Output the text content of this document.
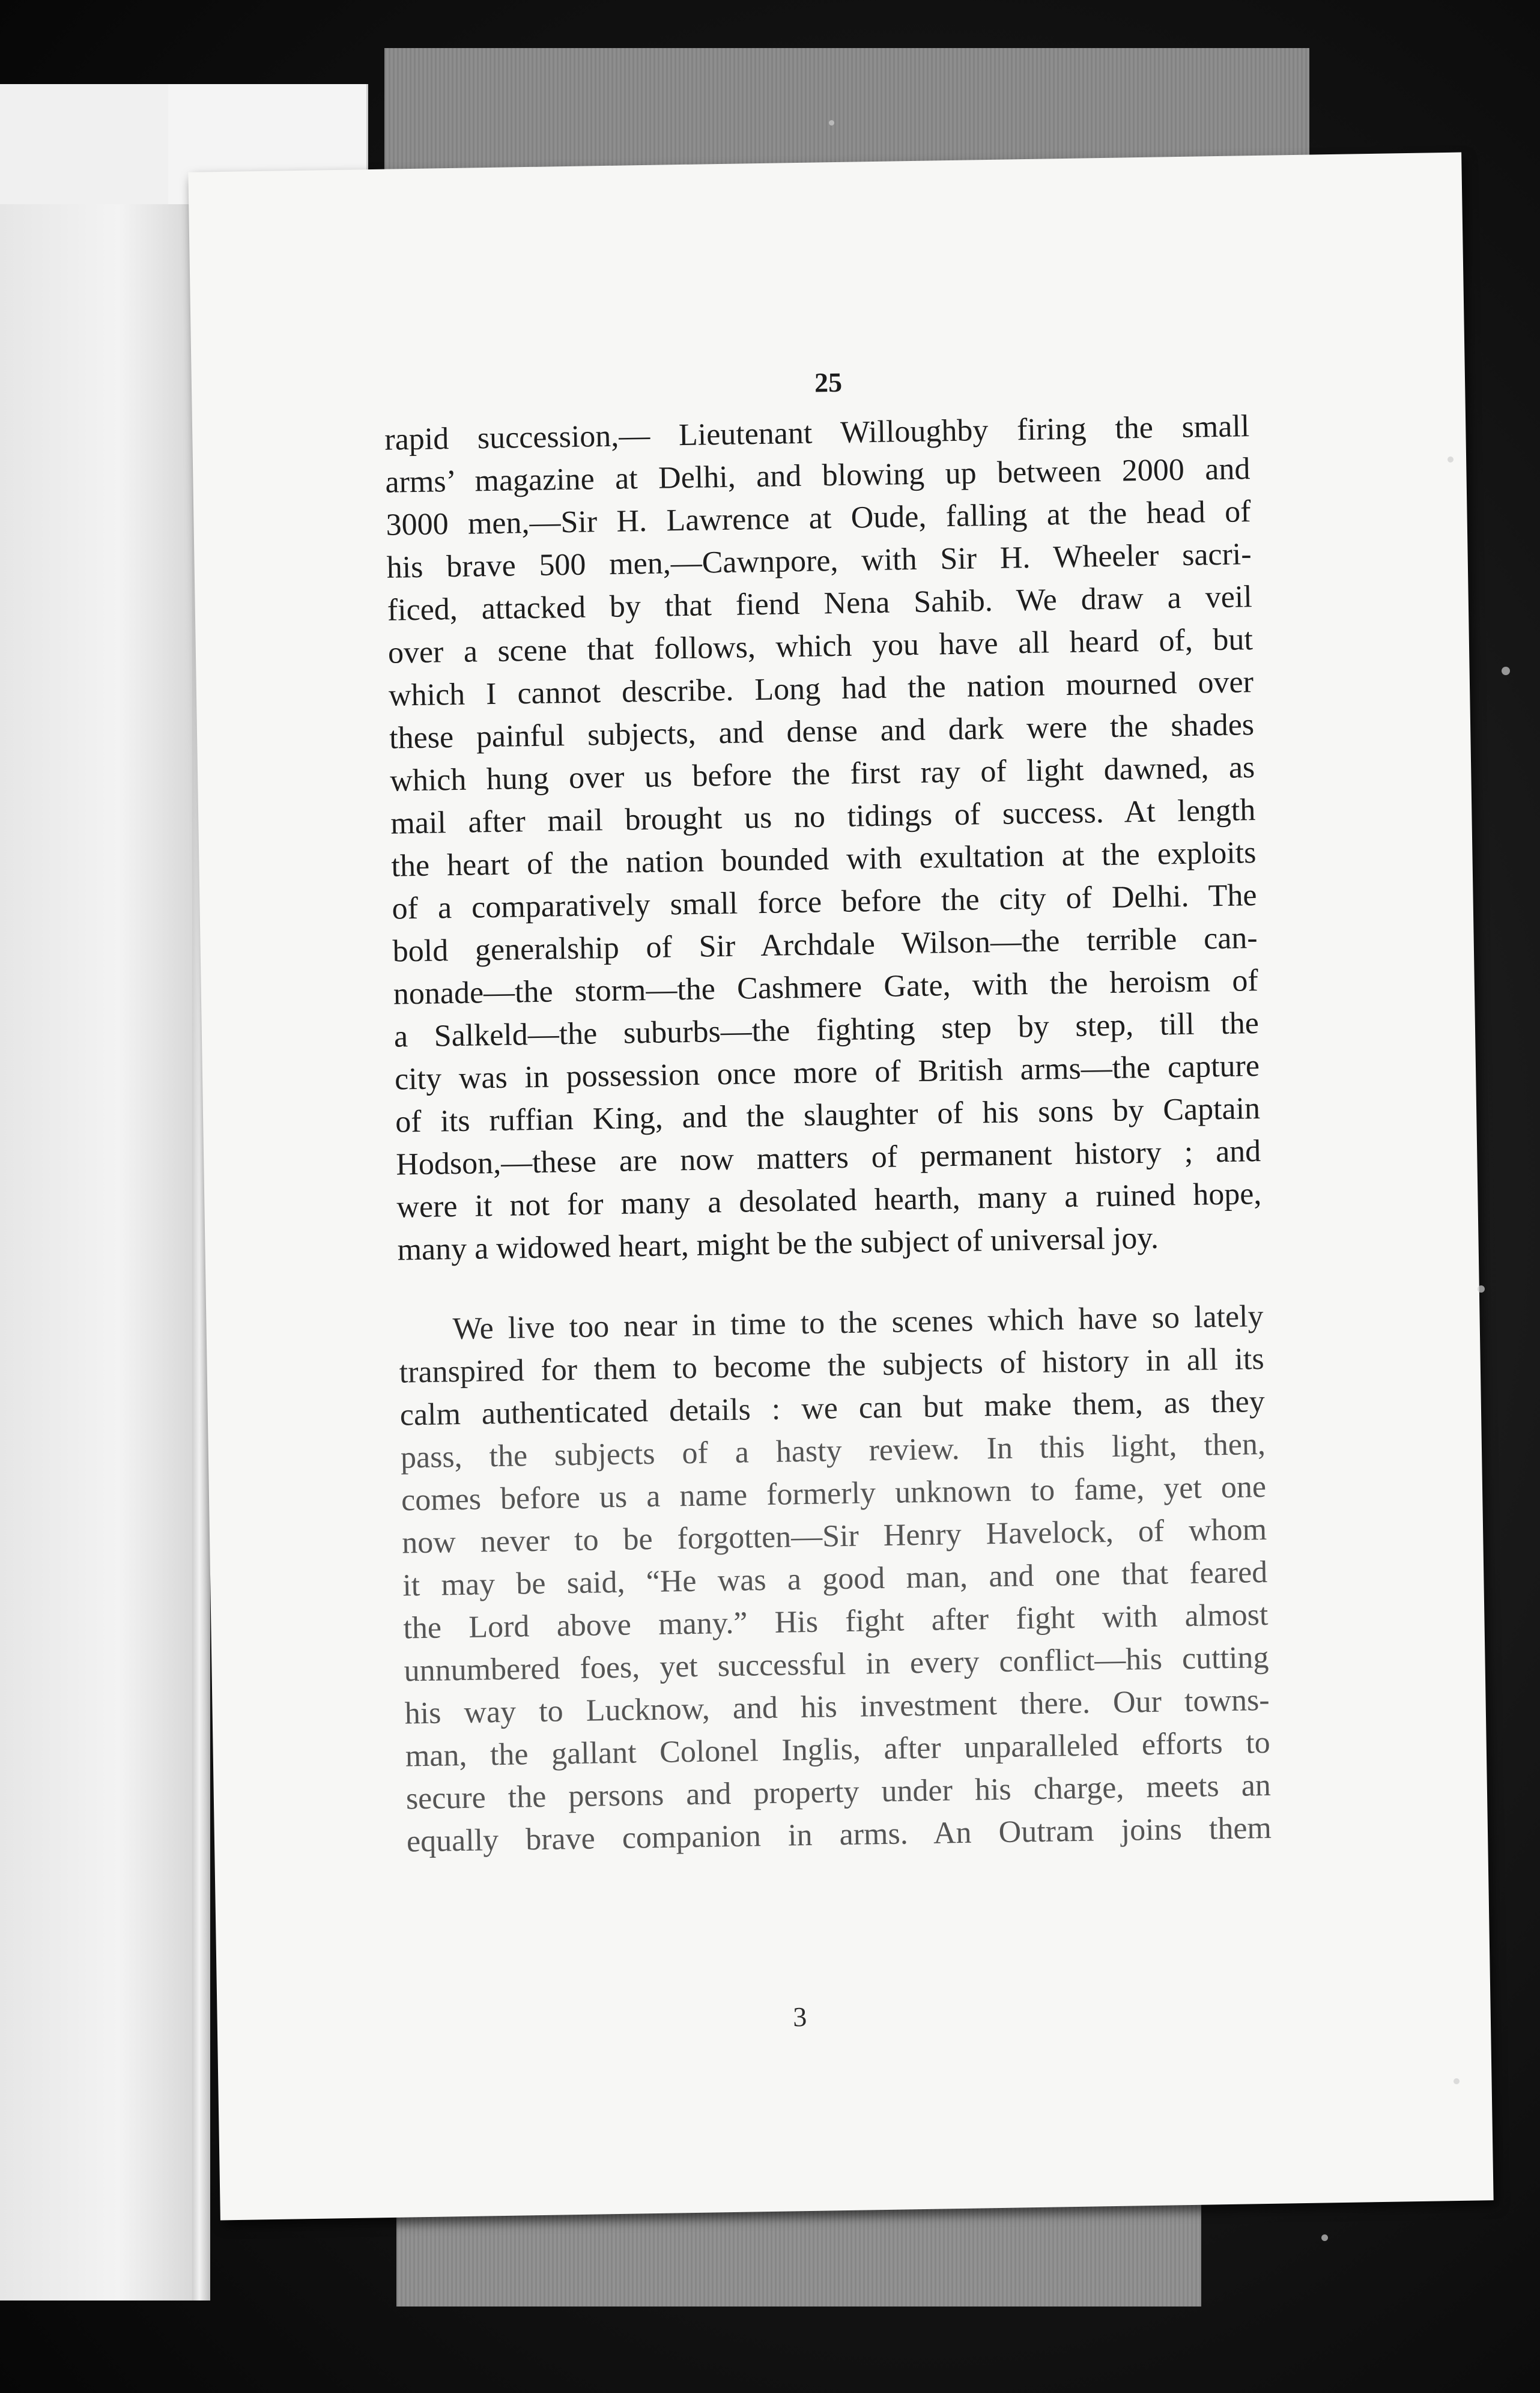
25
rapid succession,— Lieutenant Willoughby firing the small
arms’ magazine at Delhi, and blowing up between 2000 and
3000 men,—Sir H. Lawrence at Oude, falling at the head of
his brave 500 men,—Cawnpore, with Sir H. Wheeler sacri-
ficed, attacked by that fiend Nena Sahib. We draw a veil
over a scene that follows, which you have all heard of, but
which I cannot describe. Long had the nation mourned over
these painful subjects, and dense and dark were the shades
which hung over us before the first ray of light dawned, as
mail after mail brought us no tidings of success. At length
the heart of the nation bounded with exultation at the exploits
of a comparatively small force before the city of Delhi. The
bold generalship of Sir Archdale Wilson—the terrible can-
nonade—the storm—the Cashmere Gate, with the heroism of
a Salkeld—the suburbs—the fighting step by step, till the
city was in possession once more of British arms—the capture
of its ruffian King, and the slaughter of his sons by Captain
Hodson,—these are now matters of permanent history ; and
were it not for many a desolated hearth, many a ruined hope,
many a widowed heart, might be the subject of universal joy.
We live too near in time to the scenes which have so lately
transpired for them to become the subjects of history in all its
calm authenticated details : we can but make them, as they
pass, the subjects of a hasty review. In this light, then,
comes before us a name formerly unknown to fame, yet one
now never to be forgotten—Sir Henry Havelock, of whom
it may be said, “He was a good man, and one that feared
the Lord above many.” His fight after fight with almost
unnumbered foes, yet successful in every conflict—his cutting
his way to Lucknow, and his investment there. Our towns-
man, the gallant Colonel Inglis, after unparalleled efforts to
secure the persons and property under his charge, meets an
equally brave companion in arms. An Outram joins them
3
